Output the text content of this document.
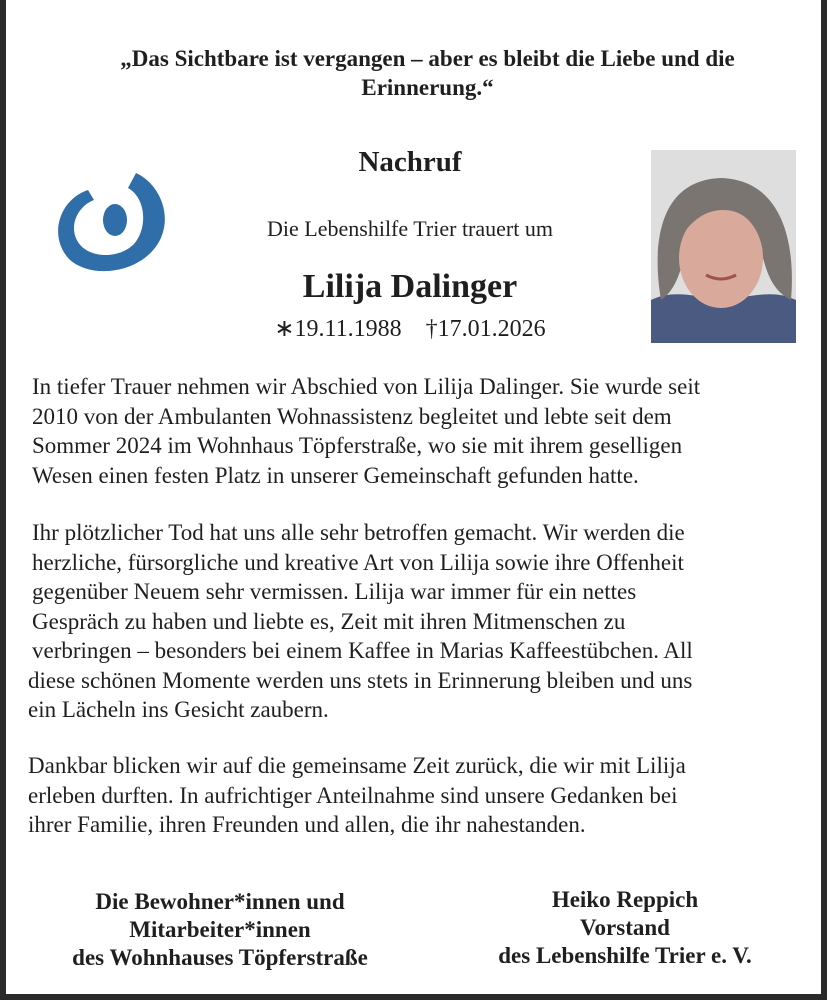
„Das Sichtbare ist vergangen – aber es bleibt die Liebe und die
Erinnerung.“
Nachruf
Die Lebenshilfe Trier trauert um
Lilija Dalinger
∗19.11.1988 †17.01.2026
In tiefer Trauer nehmen wir Abschied von Lilija Dalinger. Sie wurde seit
2010 von der Ambulanten Wohnassistenz begleitet und lebte seit dem
Sommer 2024 im Wohnhaus Töpferstraße, wo sie mit ihrem geselligen
Wesen einen festen Platz in unserer Gemeinschaft gefunden hatte.
Ihr plötzlicher Tod hat uns alle sehr betroffen gemacht. Wir werden die
herzliche, fürsorgliche und kreative Art von Lilija sowie ihre Offenheit
gegenüber Neuem sehr vermissen. Lilija war immer für ein nettes
Gespräch zu haben und liebte es, Zeit mit ihren Mitmenschen zu
verbringen – besonders bei einem Kaffee in Marias Kaffeestübchen. All
diese schönen Momente werden uns stets in Erinnerung bleiben und uns
ein Lächeln ins Gesicht zaubern.
Dankbar blicken wir auf die gemeinsame Zeit zurück, die wir mit Lilija
erleben durften. In aufrichtiger Anteilnahme sind unsere Gedanken bei
ihrer Familie, ihren Freunden und allen, die ihr nahestanden.
Die Bewohner*innen und
Mitarbeiter*innen
des Wohnhauses Töpferstraße
Heiko Reppich
Vorstand
des Lebenshilfe Trier e. V.
